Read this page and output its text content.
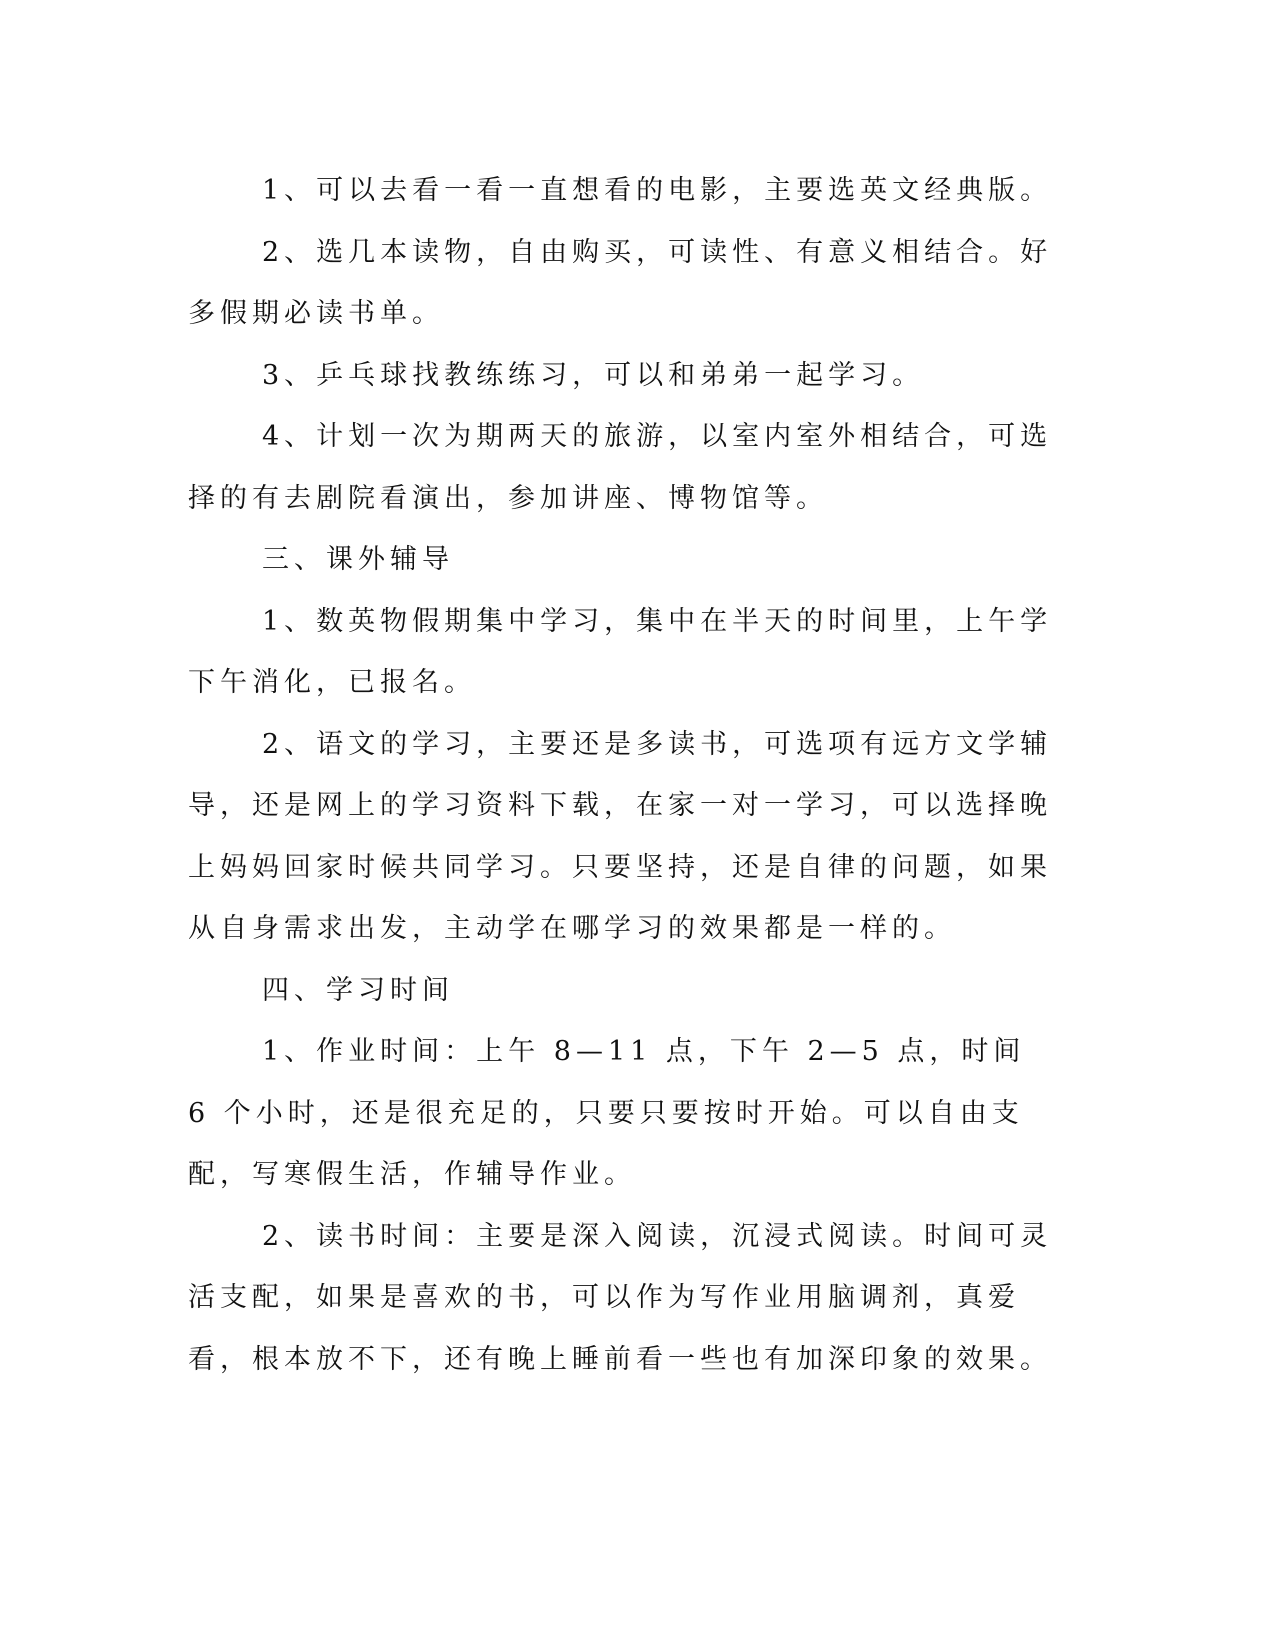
1、可以去看一看一直想看的电影，主要选英文经典版。

2、选几本读物，自由购买，可读性、有意义相结合。好多假期必读书单。

3、乒乓球找教练练习，可以和弟弟一起学习。

4、计划一次为期两天的旅游，以室内室外相结合，可选择的有去剧院看演出，参加讲座、博物馆等。

三、课外辅导

1、数英物假期集中学习，集中在半天的时间里，上午学下午消化，已报名。

2、语文的学习，主要还是多读书，可选项有远方文学辅导，还是网上的学习资料下载，在家一对一学习，可以选择晚上妈妈回家时候共同学习。只要坚持，还是自律的问题，如果从自身需求出发，主动学在哪学习的效果都是一样的。

四、学习时间

1、作业时间：上午 8—11 点，下午 2—5 点，时间 6 个小时，还是很充足的，只要只要按时开始。可以自由支配，写寒假生活，作辅导作业。

2、读书时间：主要是深入阅读，沉浸式阅读。时间可灵活支配，如果是喜欢的书，可以作为写作业用脑调剂，真爱看，根本放不下，还有晚上睡前看一些也有加深印象的效果。
